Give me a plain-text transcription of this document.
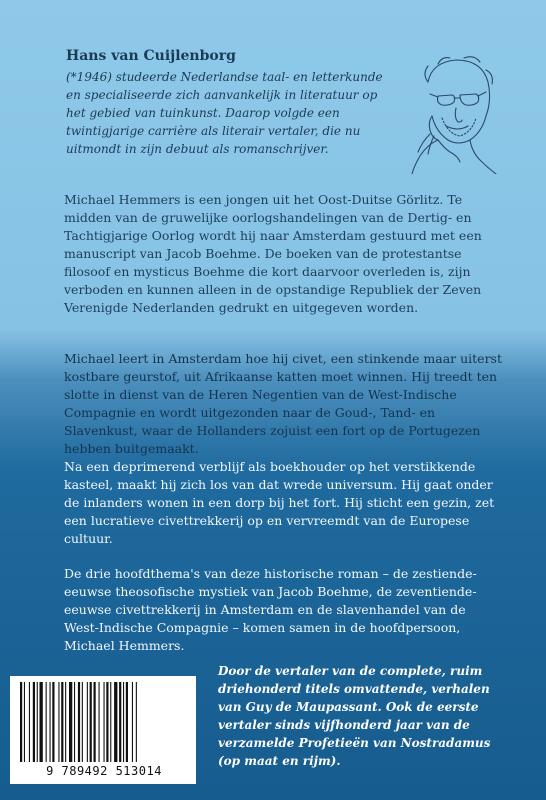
Hans van Cuijlenborg
(*1946) studeerde Nederlandse taal- en letterkunde en specialiseerde zich aanvankelijk in literatuur op het gebied van tuinkunst. Daarop volgde een twintigjarige carrière als literair vertaler, die nu uitmondt in zijn debuut als romanschrijver.

Michael Hemmers is een jongen uit het Oost-Duitse Görlitz. Te midden van de gruwelijke oorlogshandelingen van de Dertig- en Tachtigjarige Oorlog wordt hij naar Amsterdam gestuurd met een manuscript van Jacob Boehme. De boeken van de protestantse filosoof en mysticus Boehme die kort daarvoor overleden is, zijn verboden en kunnen alleen in de opstandige Republiek der Zeven Verenigde Nederlanden gedrukt en uitgegeven worden.

Michael leert in Amsterdam hoe hij civet, een stinkende maar uiterst kostbare geurstof, uit Afrikaanse katten moet winnen. Hij treedt ten slotte in dienst van de Heren Negentien van de West-Indische Compagnie en wordt uitgezonden naar de Goud-, Tand- en Slavenkust, waar de Hollanders zojuist een fort op de Portugezen hebben buitgemaakt.

Na een deprimerend verblijf als boekhouder op het verstikkende kasteel, maakt hij zich los van dat wrede universum. Hij gaat onder de inlanders wonen in een dorp bij het fort. Hij sticht een gezin, zet een lucratieve civettrekkerij op en vervreemdt van de Europese cultuur.

De drie hoofdthema's van deze historische roman – de zestiende-eeuwse theosofische mystiek van Jacob Boehme, de zeventiende-eeuwse civettrekkerij in Amsterdam en de slavenhandel van de West-Indische Compagnie – komen samen in de hoofdpersoon, Michael Hemmers.

Door de vertaler van de complete, ruim driehonderd titels omvattende, verhalen van Guy de Maupassant. Ook de eerste vertaler sinds vijfhonderd jaar van de verzamelde Profetieën van Nostradamus (op maat en rijm).
9 789492 513014
